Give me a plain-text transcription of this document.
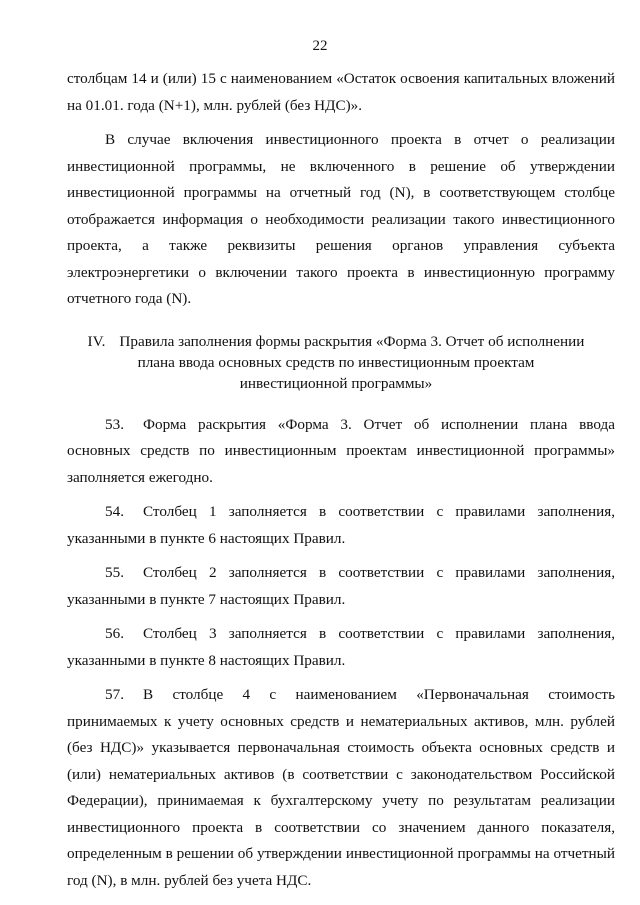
22

столбцам 14 и (или) 15 с наименованием «Остаток освоения капитальных вложений на 01.01. года (N+1), млн. рублей (без НДС)».

В случае включения инвестиционного проекта в отчет о реализации инвестиционной программы, не включенного в решение об утверждении инвестиционной программы на отчетный год (N), в соответствующем столбце отображается информация о необходимости реализации такого инвестиционного проекта, а также реквизиты решения органов управления субъекта электроэнергетики о включении такого проекта в инвестиционную программу отчетного года (N).

IV. Правила заполнения формы раскрытия «Форма 3. Отчет об исполнении
плана ввода основных средств по инвестиционным проектам
инвестиционной программы»

53. Форма раскрытия «Форма 3. Отчет об исполнении плана ввода основных средств по инвестиционным проектам инвестиционной программы» заполняется ежегодно.

54. Столбец 1 заполняется в соответствии с правилами заполнения, указанными в пункте 6 настоящих Правил.

55. Столбец 2 заполняется в соответствии с правилами заполнения, указанными в пункте 7 настоящих Правил.

56. Столбец 3 заполняется в соответствии с правилами заполнения, указанными в пункте 8 настоящих Правил.

57. В столбце 4 с наименованием «Первоначальная стоимость принимаемых к учету основных средств и нематериальных активов, млн. рублей (без НДС)» указывается первоначальная стоимость объекта основных средств и (или) нематериальных активов (в соответствии с законодательством Российской Федерации), принимаемая к бухгалтерскому учету по результатам реализации инвестиционного проекта в соответствии со значением данного показателя, определенным в решении об утверждении инвестиционной программы на отчетный год (N), в млн. рублей без учета НДС.
